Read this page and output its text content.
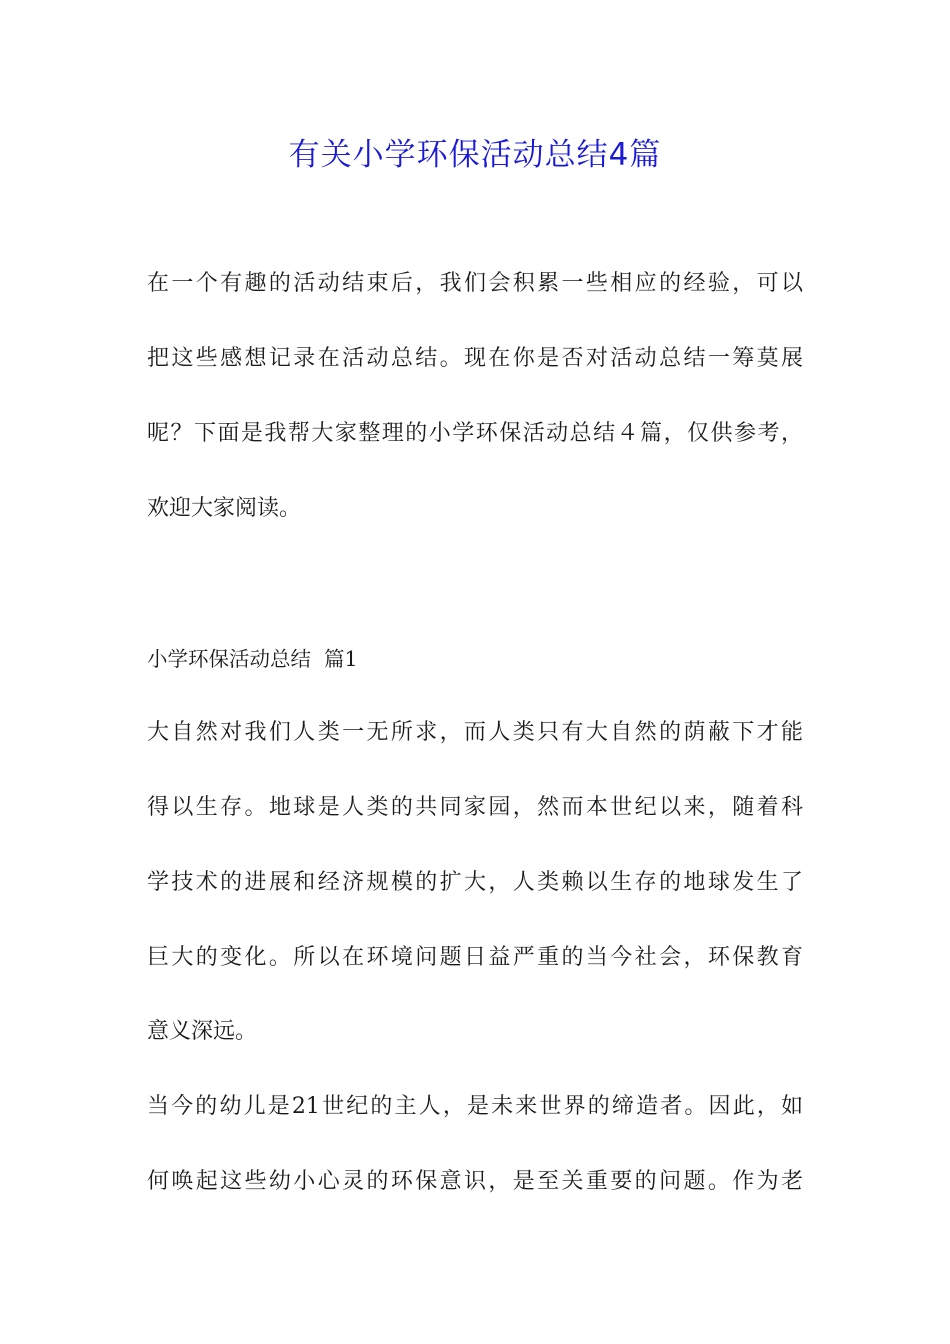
有关小学环保活动总结4篇
在一个有趣的活动结束后，我们会积累一些相应的经验，可以
把这些感想记录在活动总结。现在你是否对活动总结一筹莫展
呢？下面是我帮大家整理的小学环保活动总结４篇，仅供参考，
欢迎大家阅读。
小学环保活动总结  篇1
大自然对我们人类一无所求，而人类只有大自然的荫蔽下才能
得以生存。地球是人类的共同家园，然而本世纪以来，随着科
学技术的进展和经济规模的扩大，人类赖以生存的地球发生了
巨大的变化。所以在环境问题日益严重的当今社会，环保教育
意义深远。
当今的幼儿是21世纪的主人，是未来世界的缔造者。因此，如
何唤起这些幼小心灵的环保意识，是至关重要的问题。作为老
